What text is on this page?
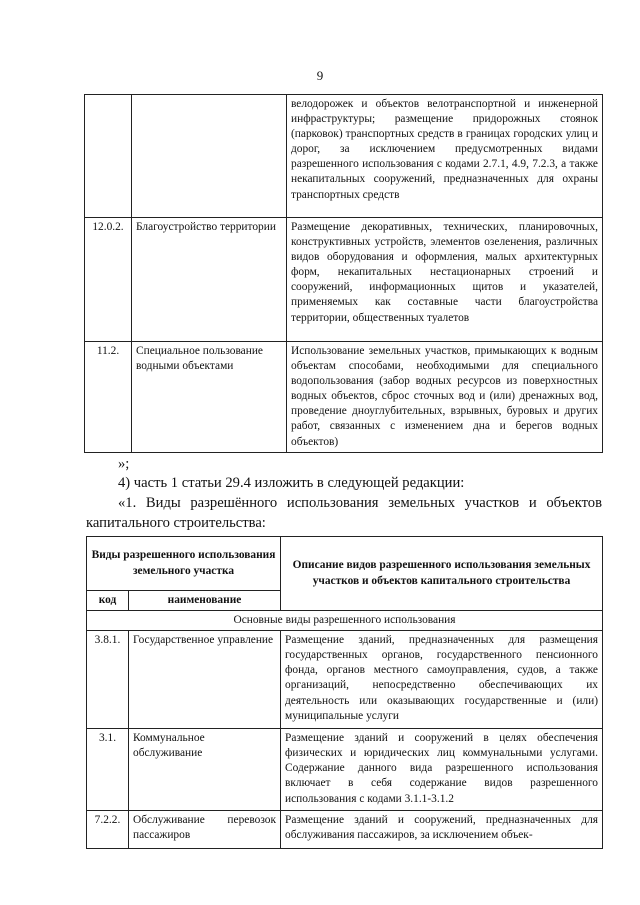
9
		велодорожек и объектов велотранспортной и инженерной инфраструктуры; размещение придорожных стоянок (парковок) транспортных средств в границах городских улиц и дорог, за исключением предусмотренных видами разрешенного использования с кодами 2.7.1, 4.9, 7.2.3, а также некапитальных сооружений, предназначенных для охраны транспортных средств
12.0.2.	Благоустройство территории	Размещение декоративных, технических, планировочных, конструктивных устройств, элементов озеленения, различных видов оборудования и оформления, малых архитектурных форм, некапитальных нестационарных строений и сооружений, информационных щитов и указателей, применяемых как составные части благоустройства территории, общественных туалетов
11.2.	Специальное пользование водными объектами	Использование земельных участков, примыкающих к водным объектам способами, необходимыми для специального водопользования (забор водных ресурсов из поверхностных водных объектов, сброс сточных вод и (или) дренажных вод, проведение дноуглубительных, взрывных, буровых и других работ, связанных с изменением дна и берегов водных объектов)
»;
4) часть 1 статьи 29.4 изложить в следующей редакции:
«1. Виды разрешённого использования земельных участков и объектов капитального строительства:
Виды разрешенного использования земельного участка		Описание видов разрешенного использования земельных участков и объектов капитального строительства
код	наименование	
Основные виды разрешенного использования		
3.8.1.	Государственное управление	Размещение зданий, предназначенных для размещения государственных органов, государственного пенсионного фонда, органов местного самоуправления, судов, а также организаций, непосредственно обеспечивающих их деятельность или оказывающих государственные и (или) муниципальные услуги
3.1.	Коммунальное обслуживание	Размещение зданий и сооружений в целях обеспечения физических и юридических лиц коммунальными услугами. Содержание данного вида разрешенного использования включает в себя содержание видов разрешенного использования с кодами 3.1.1-3.1.2
7.2.2.	Обслуживание перевозок пассажиров	Размещение зданий и сооружений, предназначенных для обслуживания пассажиров, за исключением объек-
